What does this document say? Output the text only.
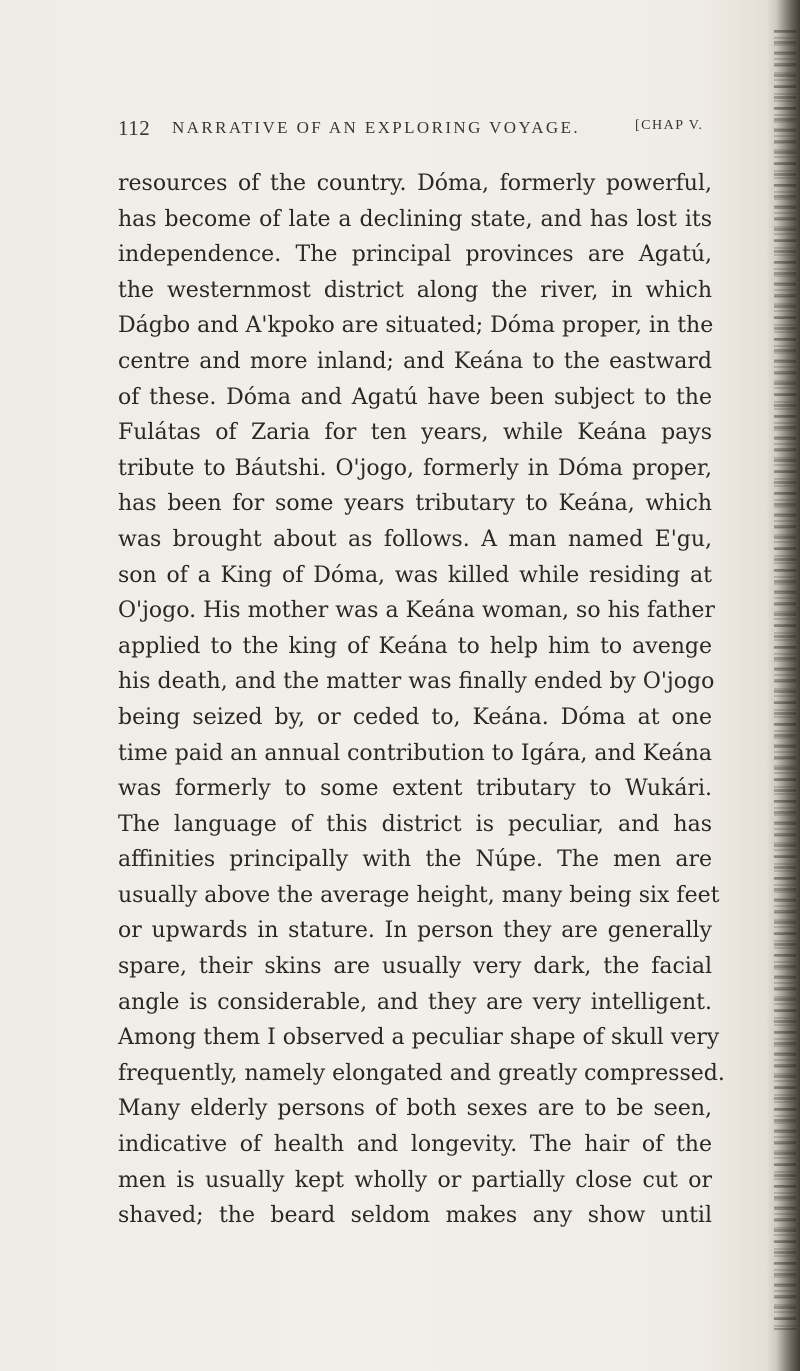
112 NARRATIVE OF AN EXPLORING VOYAGE.	[CHAP V.
resources of the country. Dóma, formerly powerful,
has become of late a declining state, and has lost its
independence. The principal provinces are Agatú,
the westernmost district along the river, in which
Dágbo and A'kpoko are situated; Dóma proper, in the
centre and more inland; and Keána to the eastward
of these. Dóma and Agatú have been subject to the
Fulátas of Zaria for ten years, while Keána pays
tribute to Báutshi. O'jogo, formerly in Dóma proper,
has been for some years tributary to Keána, which
was brought about as follows. A man named E'gu,
son of a King of Dóma, was killed while residing at
O'jogo. His mother was a Keána woman, so his father
applied to the king of Keána to help him to avenge
his death, and the matter was finally ended by O'jogo
being seized by, or ceded to, Keána. Dóma at one
time paid an annual contribution to Igára, and Keána
was formerly to some extent tributary to Wukári.
The language of this district is peculiar, and has
affinities principally with the Núpe. The men are
usually above the average height, many being six feet
or upwards in stature. In person they are generally
spare, their skins are usually very dark, the facial
angle is considerable, and they are very intelligent.
Among them I observed a peculiar shape of skull very
frequently, namely elongated and greatly compressed.
Many elderly persons of both sexes are to be seen,
indicative of health and longevity. The hair of the
men is usually kept wholly or partially close cut or
shaved; the beard seldom makes any show until
